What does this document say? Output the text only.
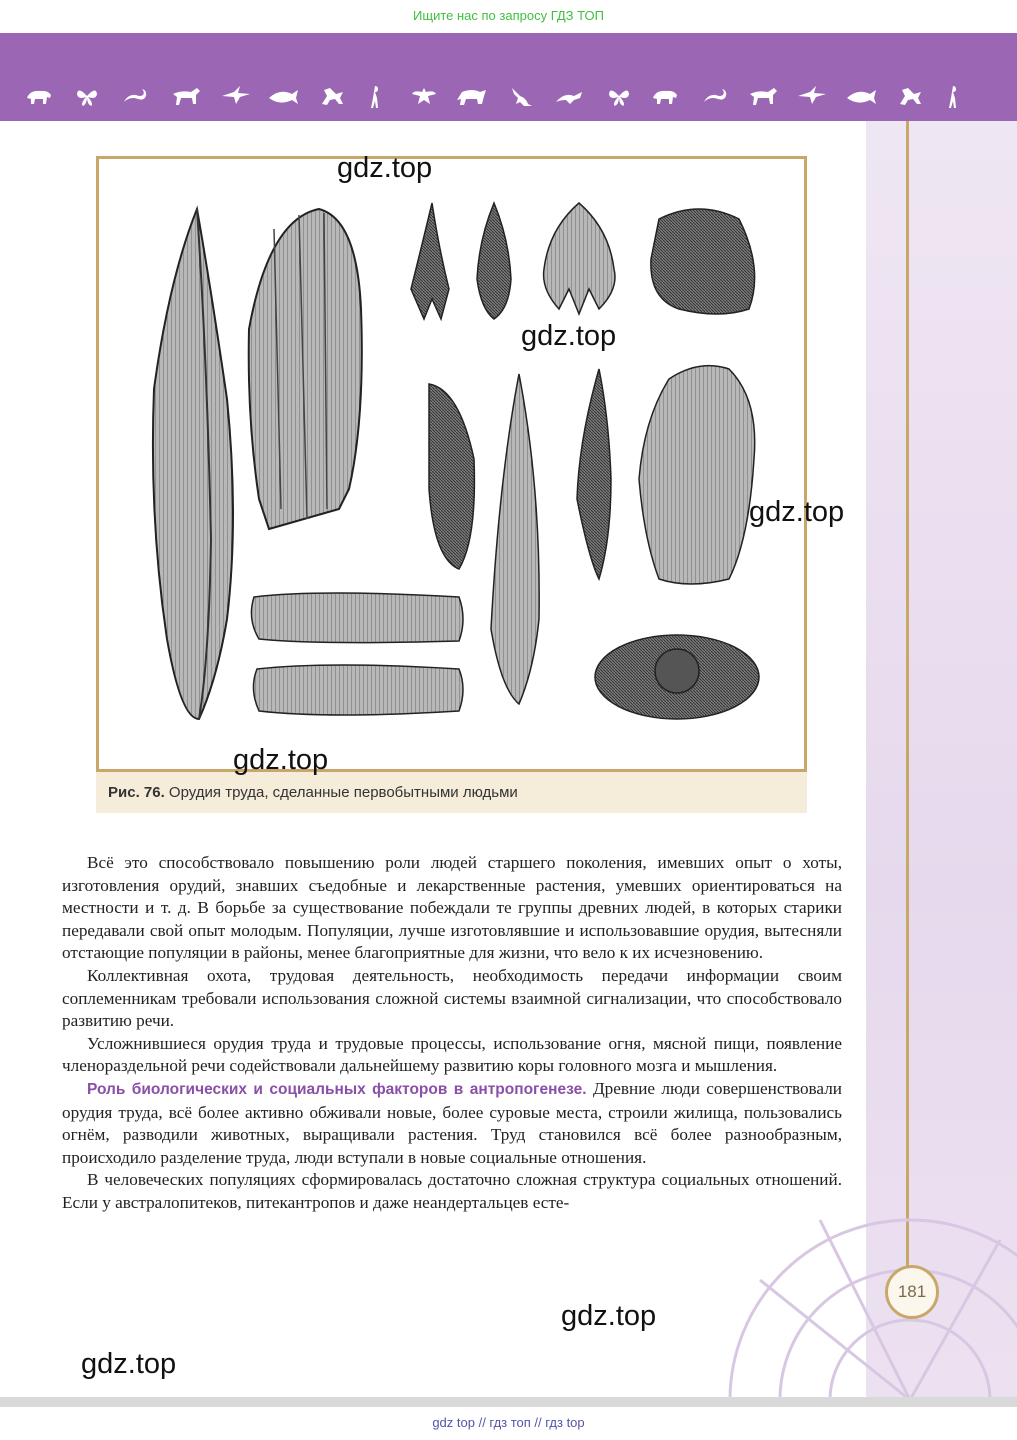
Ищите нас по запросу ГДЗ ТОП
181

Рис. 76. Орудия труда, сделанные первобытными людьми

Всё это способствовало повышению роли людей старшего поколения, имевших опыт о хоты, изготовления орудий, знавших съедобные и лекарственные растения, умевших ориентироваться на местности и т. д. В борьбе за существование побеждали те группы древних людей, в которых старики передавали свой опыт молодым. Популяции, лучше изготовлявшие и использовавшие орудия, вытесняли отстающие популяции в районы, менее благоприятные для жизни, что вело к их исчезновению.

Коллективная охота, трудовая деятельность, необходимость передачи информации своим соплеменникам требовали использования сложной системы взаимной сигнализации, что способствовало развитию речи.

Усложнившиеся орудия труда и трудовые процессы, использование огня, мясной пищи, появление членораздельной речи содействовали дальнейшему развитию коры головного мозга и мышления.

Роль биологических и социальных факторов в антропогенезе. Древние люди совершенствовали орудия труда, всё более активно обживали новые, более суровые места, строили жилища, пользовались огнём, разводили животных, выращивали растения. Труд становился всё более разнообразным, происходило разделение труда, люди вступали в новые социальные отношения.

В человеческих популяциях сформировалась достаточно сложная структура социальных отношений. Если у австралопитеков, питекантропов и даже неандертальцев есте-

gdz.top
gdz.top
gdz.top
gdz.top
gdz.top
gdz.top
gdz top // гдз топ // гдз top
